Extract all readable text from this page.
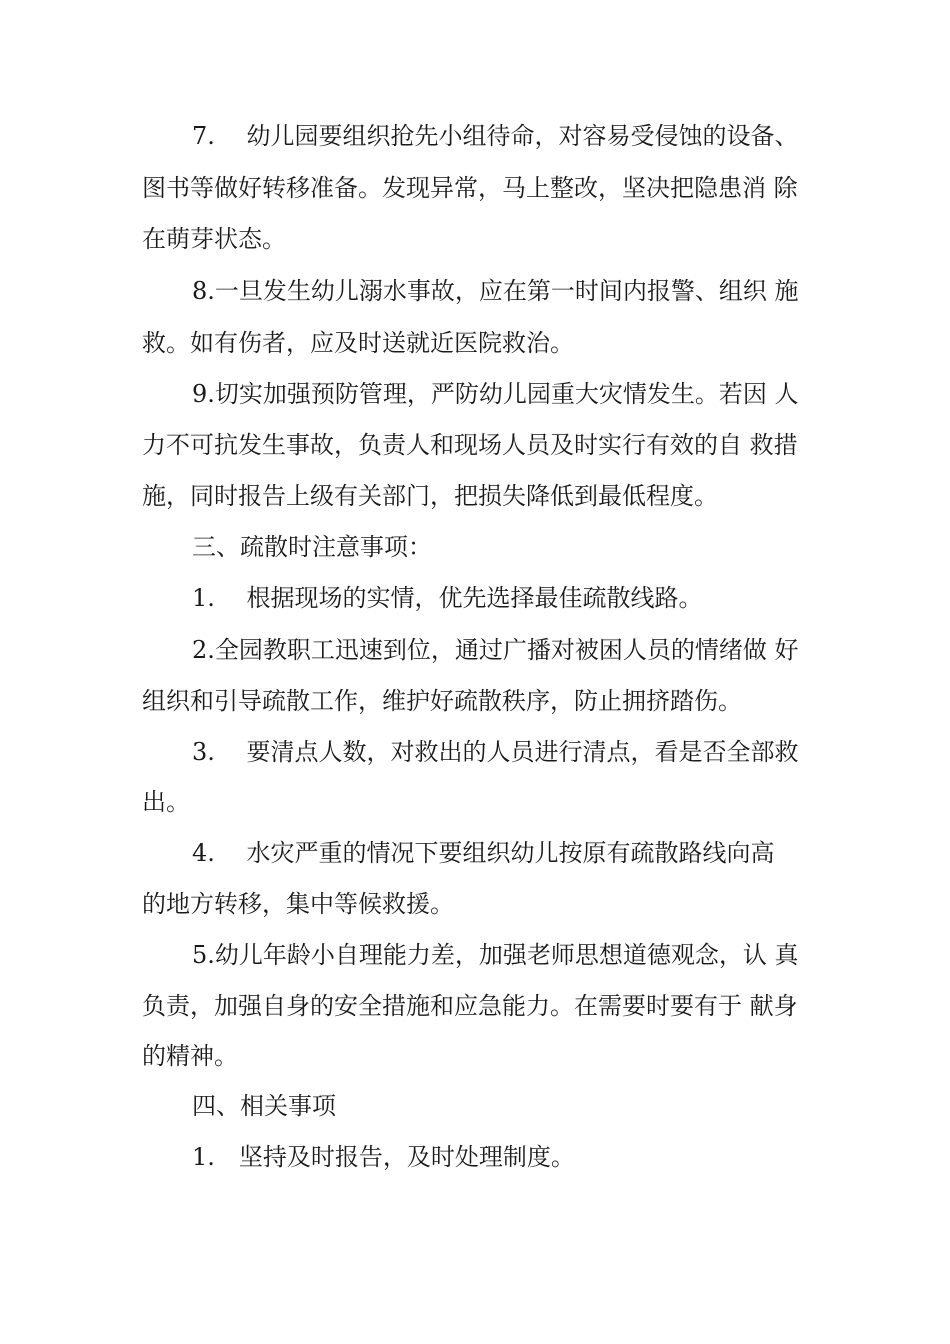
7.　 幼儿园要组织抢先小组待命，对容易受侵蚀的设备、
图书等做好转移准备。发现异常，马上整改，坚决把隐患消 除
在萌芽状态。
8.一旦发生幼儿溺水事故，应在第一时间内报警、组织 施
救。如有伤者，应及时送就近医院救治。
9.切实加强预防管理，严防幼儿园重大灾情发生。若因 人
力不可抗发生事故，负责人和现场人员及时实行有效的自 救措
施，同时报告上级有关部门，把损失降低到最低程度。
三、疏散时注意事项：
1.　 根据现场的实情，优先选择最佳疏散线路。
2.全园教职工迅速到位，通过广播对被困人员的情绪做 好
组织和引导疏散工作，维护好疏散秩序，防止拥挤踏伤。
3.　 要清点人数，对救出的人员进行清点，看是否全部救
出。
4.　 水灾严重的情况下要组织幼儿按原有疏散路线向高
的地方转移，集中等候救援。
5.幼儿年龄小自理能力差，加强老师思想道德观念，认 真
负责，加强自身的安全措施和应急能力。在需要时要有于 献身
的精神。
四、相关事项
1.　坚持及时报告，及时处理制度。
